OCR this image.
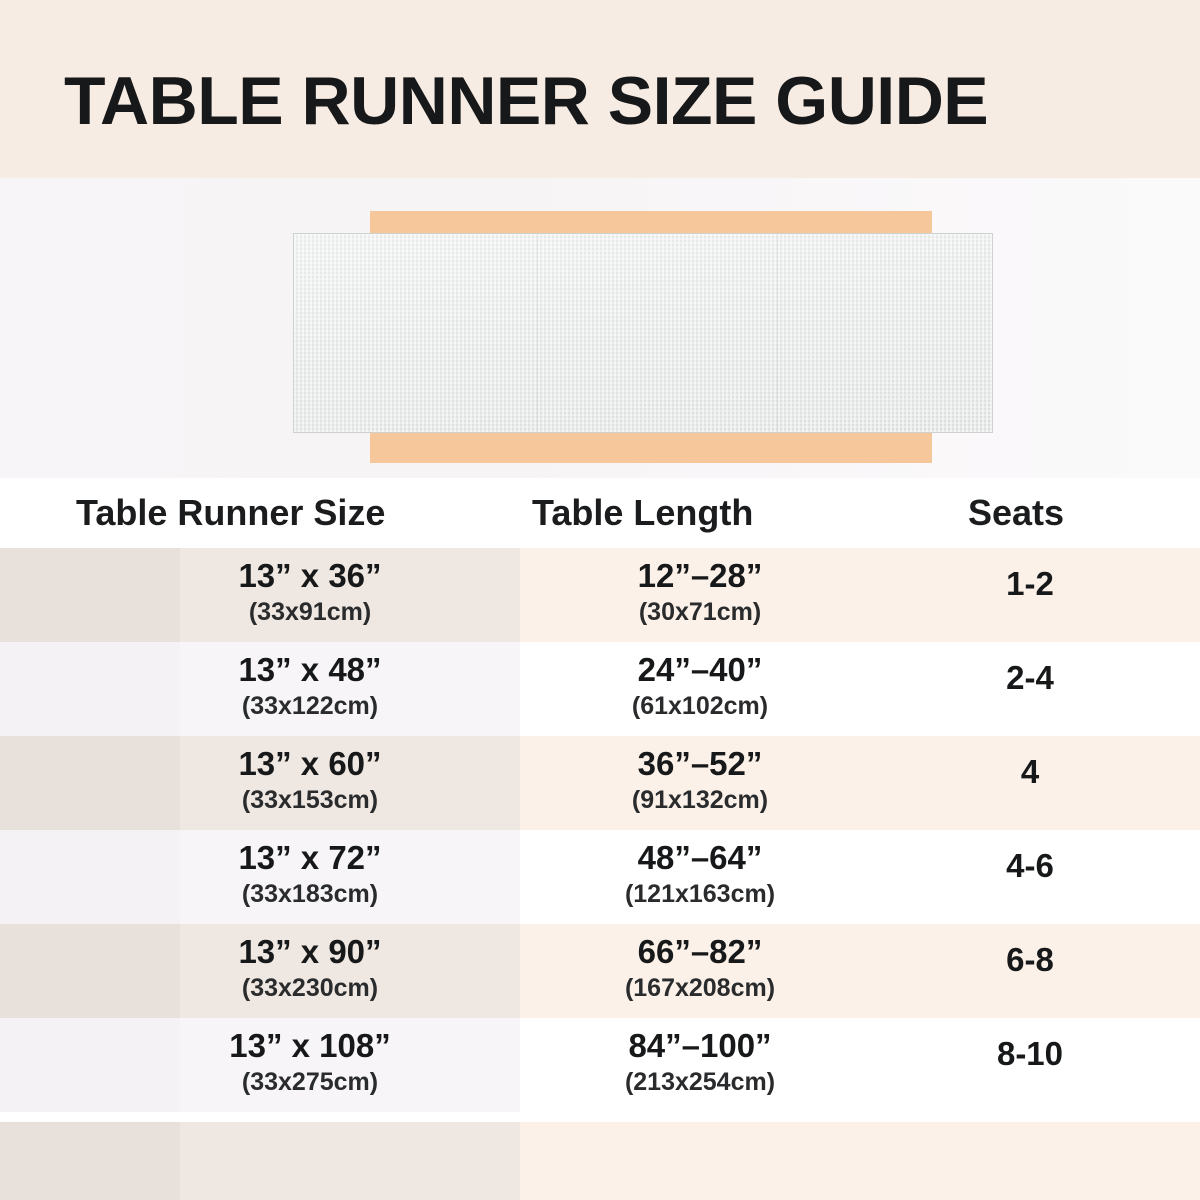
TABLE RUNNER SIZE GUIDE
Table Runner Size	Table Length	Seats
13” x 36”
(33x91cm)
12”–28”
(30x71cm)
1-2
13” x 48”
(33x122cm)
24”–40”
(61x102cm)
2-4
13” x 60”
(33x153cm)
36”–52”
(91x132cm)
4
13” x 72”
(33x183cm)
48”–64”
(121x163cm)
4-6
13” x 90”
(33x230cm)
66”–82”
(167x208cm)
6-8
13” x 108”
(33x275cm)
84”–100”
(213x254cm)
8-10
